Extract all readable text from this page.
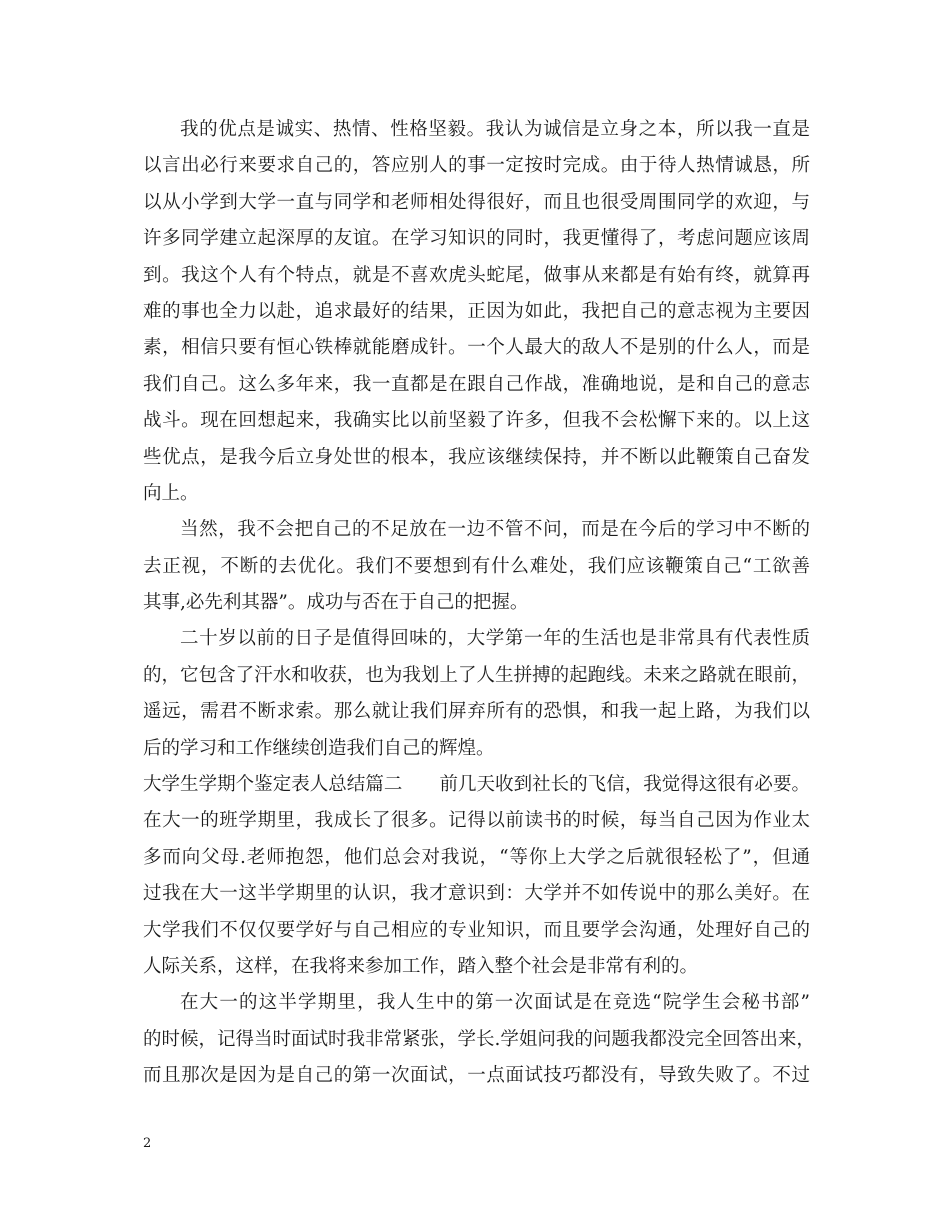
我的优点是诚实、热情、性格坚毅。我认为诚信是立身之本，所以我一直是
以言出必行来要求自己的，答应别人的事一定按时完成。由于待人热情诚恳，所
以从小学到大学一直与同学和老师相处得很好，而且也很受周围同学的欢迎，与
许多同学建立起深厚的友谊。在学习知识的同时，我更懂得了，考虑问题应该周
到。我这个人有个特点，就是不喜欢虎头蛇尾，做事从来都是有始有终，就算再
难的事也全力以赴，追求最好的结果，正因为如此，我把自己的意志视为主要因
素，相信只要有恒心铁棒就能磨成针。一个人最大的敌人不是别的什么人，而是
我们自己。这么多年来，我一直都是在跟自己作战，准确地说，是和自己的意志
战斗。现在回想起来，我确实比以前坚毅了许多，但我不会松懈下来的。以上这
些优点，是我今后立身处世的根本，我应该继续保持，并不断以此鞭策自己奋发
向上。
当然，我不会把自己的不足放在一边不管不问，而是在今后的学习中不断的
去正视，不断的去优化。我们不要想到有什么难处，我们应该鞭策自己“工欲善
其事,必先利其器”。成功与否在于自己的把握。
二十岁以前的日子是值得回味的，大学第一年的生活也是非常具有代表性质
的，它包含了汗水和收获，也为我划上了人生拼搏的起跑线。未来之路就在眼前，
遥远，需君不断求索。那么就让我们屏弃所有的恐惧，和我一起上路，为我们以
后的学习和工作继续创造我们自己的辉煌。
大学生学期个鉴定表人总结篇二　　前几天收到社长的飞信，我觉得这很有必要。
在大一的班学期里，我成长了很多。记得以前读书的时候，每当自己因为作业太
多而向父母.老师抱怨，他们总会对我说，“等你上大学之后就很轻松了”，但通
过我在大一这半学期里的认识，我才意识到：大学并不如传说中的那么美好。在
大学我们不仅仅要学好与自己相应的专业知识，而且要学会沟通，处理好自己的
人际关系，这样，在我将来参加工作，踏入整个社会是非常有利的。
在大一的这半学期里，我人生中的第一次面试是在竞选“院学生会秘书部”
的时候，记得当时面试时我非常紧张，学长.学姐问我的问题我都没完全回答出来，
而且那次是因为是自己的第一次面试，一点面试技巧都没有，导致失败了。不过
2
